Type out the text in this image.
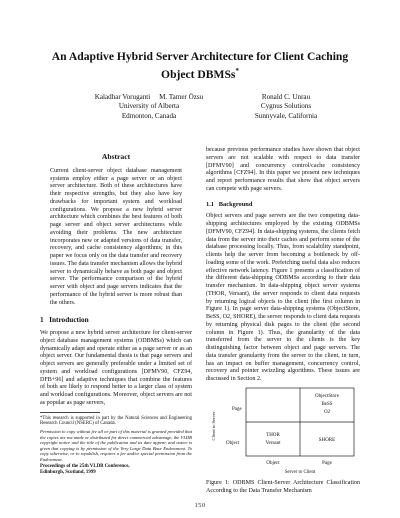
An Adaptive Hybrid Server Architecture for Client Caching
Object DBMSs*
Kaladhar Voruganti     M. Tamer Özsu
University of Alberta
Edmonton, Canada
Ronald C. Unrau
Cygnus Solutions
Sunnyvale, California
Abstract

Current client-server object database management systems employ either a page server or an object server architecture. Both of these architectures have their respective strengths, but they also have key drawbacks for important system and workload configurations. We propose a new hybrid server architecture which combines the best features of both page server and object server architectures while avoiding their problems. The new architecture incorporates new or adapted versions of data transfer, recovery, and cache consistency algorithms; in this paper we focus only on the data transfer and recovery issues. The data transfer mechanism allows the hybrid server to dynamically behave as both page and object server. The performance comparison of the hybrid server with object and page servers indicates that the performance of the hybrid server is more robust than the others.

1   Introduction

We propose a new hybrid server architecture for client-server object database management systems (ODBMSs) which can dynamically adapt and operate either as a page server or as an object server. Our fundamental thesis is that page servers and object servers are generally preferable under a limited set of system and workload configurations [DFMV90, CFZ94, DFB+96] and adaptive techniques that combine the features of both are likely to respond better to a larger class of system and workload configurations. Moreover, object servers are not as popular as page servers,

*This research is supported in part by the Natural Sciences and Engineering Research Council (NSERC) of Canada.
Permission to copy without fee all or part of this material is granted provided that the copies are not made or distributed for direct commercial advantage, the VLDB copyright notice and the title of the publication and its date appear, and notice is given that copying is by permission of the Very Large Data Base Endowment. To copy otherwise, or to republish, requires a fee and/or special permission from the Endowment.
Proceedings of the 25th VLDB Conference,
Edinburgh, Scotland, 1999

because previous performance studies have shown that object servers are not scalable with respect to data transfer [DFMV90] and concurrency control/cache consistency algorithms [CFZ94]. In this paper we present new techniques and report performance results that show that object servers can compete with page servers.

1.1   Background

Object servers and page servers are the two competing data-shipping architectures employed by the existing ODBMSs [DFMV90, CFZ94]. In data-shipping systems, the clients fetch data from the server into their caches and perform some of the database processing locally. Thus, from scalability standpoint, clients help the server from becoming a bottleneck by off-loading some of the work. Prefetching useful data also reduces effective network latency. Figure 1 presents a classification of the different data-shipping ODBMSs according to their data transfer mechanism. In data-shipping object server systems (THOR, Versant), the server responds to client data requests by returning logical objects to the client (the first column in Figure 1). In page server data-shipping systems (ObjectStore, BeSS, O2, SHORE), the server responds to client data requests by returning physical disk pages to the client (the second column in Figure 1). Thus, the granularity of the data transferred from the server to the clients is the key distinguishing factor between object and page servers. The data transfer granularity from the server to the client, in turn, has an impact on buffer management, concurrency control, recovery and pointer swizzling algorithms. These issues are discussed in Section 2.

Client to Server
Page
Object
ObjectStore
BeSS
O2
THOR
Versant
SHORE
Object	Page
Server to Client
Figure 1: ODBMS Client-Server Architecture Classification According to the Data Transfer Mechanism
150
